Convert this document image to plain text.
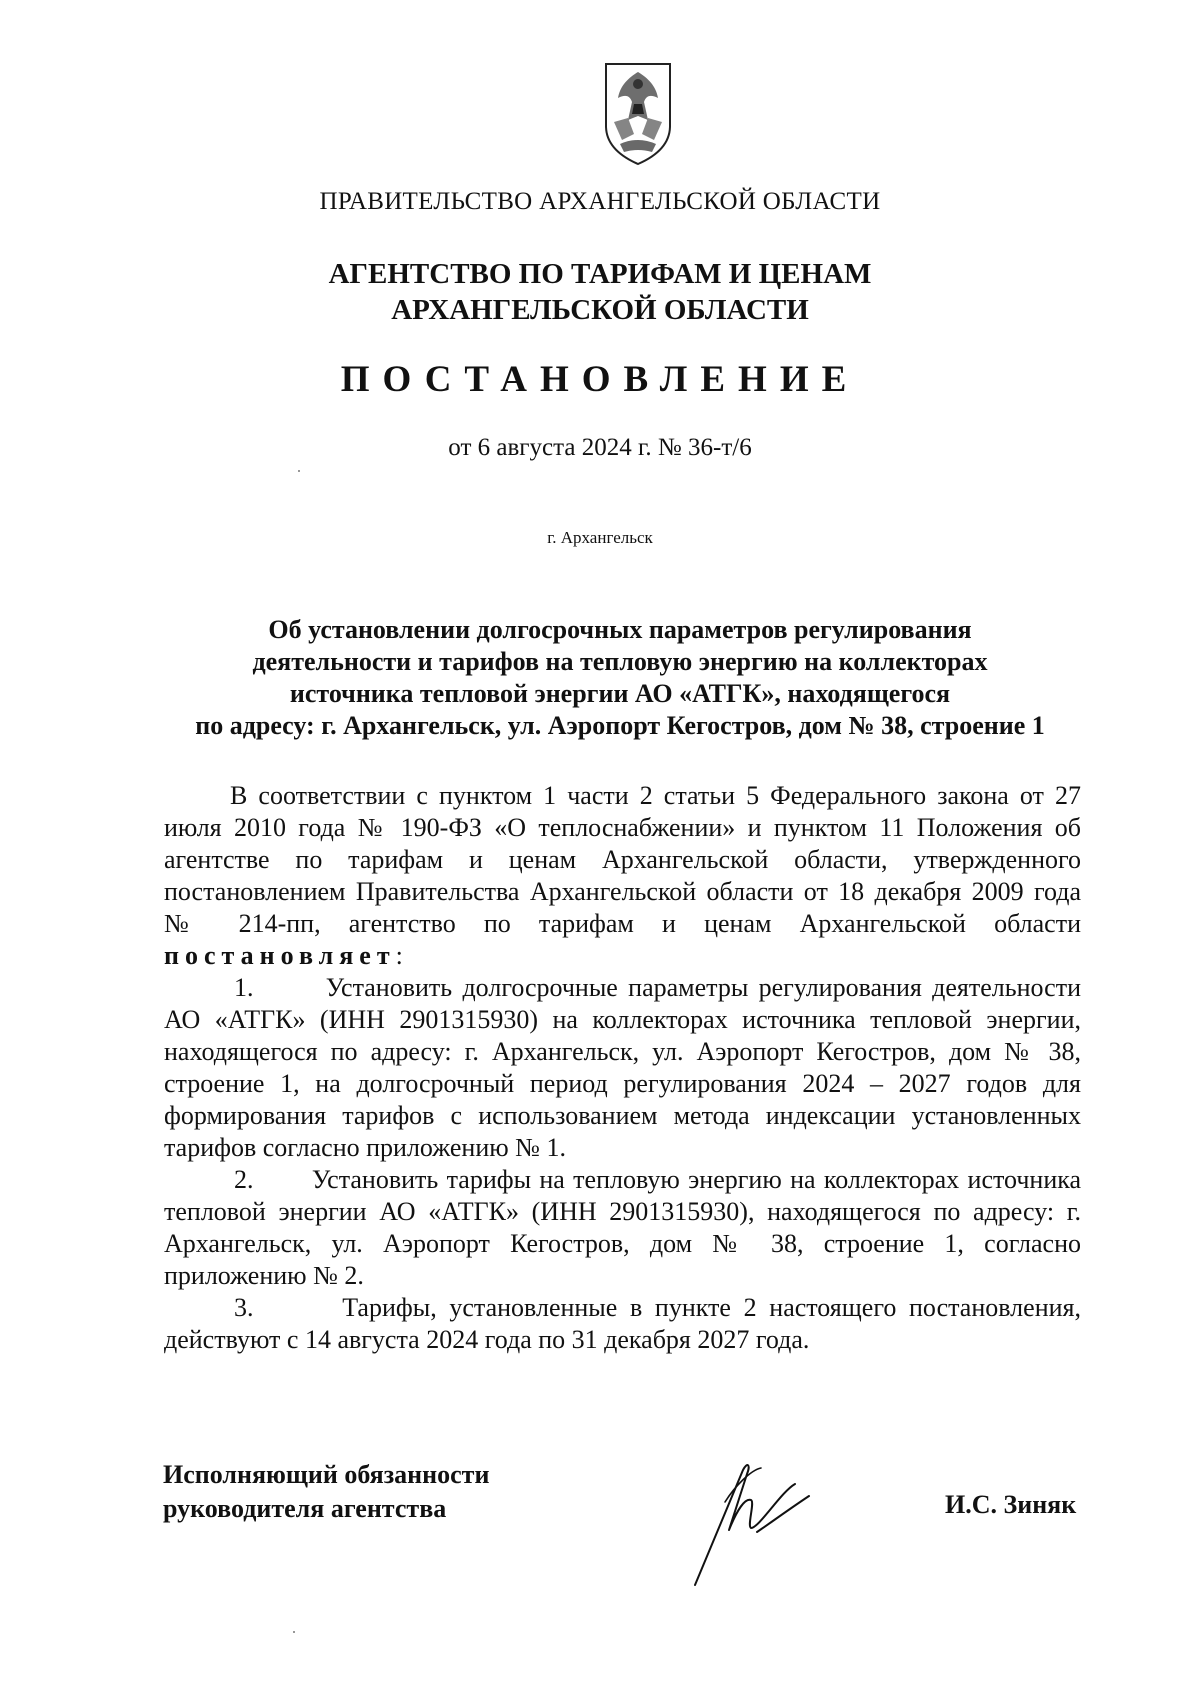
ПРАВИТЕЛЬСТВО АРХАНГЕЛЬСКОЙ ОБЛАСТИ
АГЕНТСТВО ПО ТАРИФАМ И ЦЕНАМ
АРХАНГЕЛЬСКОЙ ОБЛАСТИ
ПОСТАНОВЛЕНИЕ
от 6 августа 2024 г. № 36-т/6
г. Архангельск
Об установлении долгосрочных параметров регулирования
деятельности и тарифов на тепловую энергию на коллекторах
источника тепловой энергии АО «АТГК», находящегося
по адресу: г. Архангельск, ул. Аэропорт Кегостров, дом № 38, строение 1

В соответствии с пунктом 1 части 2 статьи 5 Федерального закона от 27 июля 2010 года № 190-ФЗ «О теплоснабжении» и пунктом 11 Положения об агентстве по тарифам и ценам Архангельской области, утвержденного постановлением Правительства Архангельской области от 18 декабря 2009 года № 214-пп, агентство по тарифам и ценам Архангельской области постановляет:

1.	Установить долгосрочные параметры регулирования деятельности АО «АТГК» (ИНН 2901315930) на коллекторах источника тепловой энергии, находящегося по адресу: г. Архангельск, ул. Аэропорт Кегостров, дом № 38, строение 1, на долгосрочный период регулирования 2024 – 2027 годов для формирования тарифов с использованием метода индексации установленных тарифов согласно приложению № 1.

2. Установить тарифы на тепловую энергию на коллекторах источника тепловой энергии АО «АТГК» (ИНН 2901315930), находящегося по адресу: г. Архангельск, ул. Аэропорт Кегостров, дом № 38, строение 1, согласно приложению № 2.

3.	Тарифы, установленные в пункте 2 настоящего постановления, действуют с 14 августа 2024 года по 31 декабря 2027 года.

Исполняющий обязанности
руководителя агентства	И.С. Зиняк
